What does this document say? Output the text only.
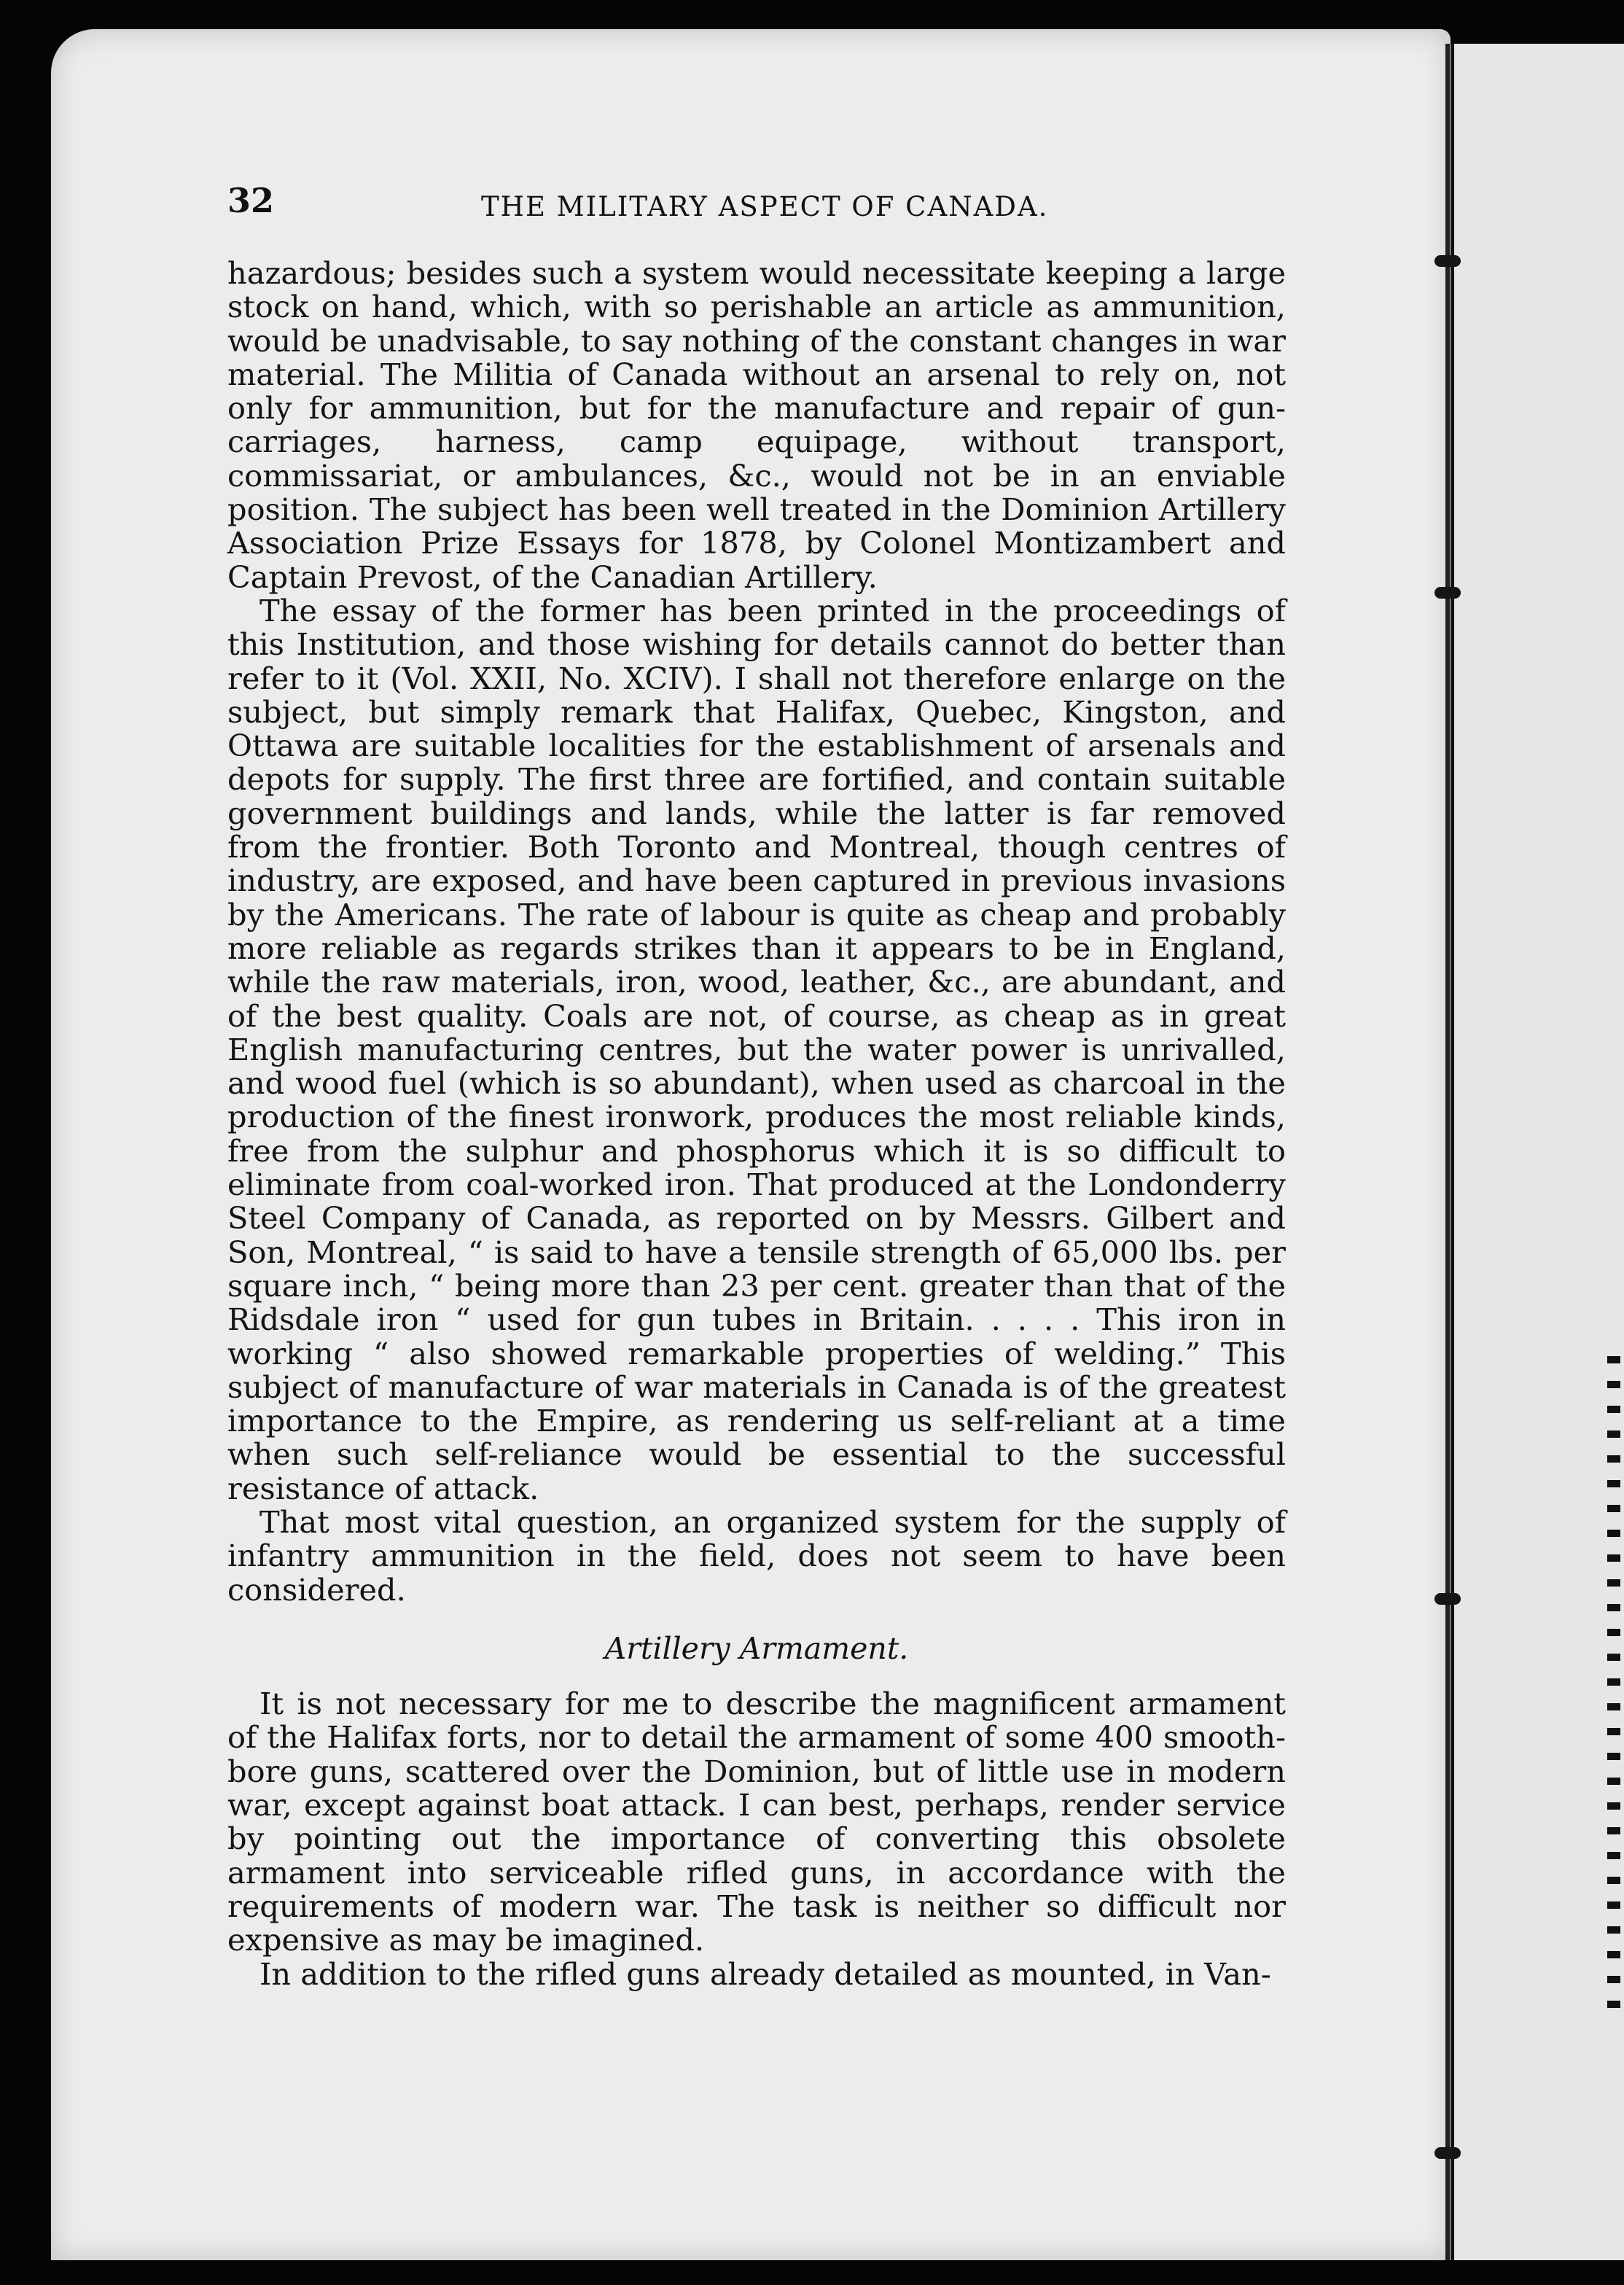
32	THE MILITARY ASPECT OF CANADA.

hazardous; besides such a system would necessitate keeping a large stock on hand, which, with so perishable an article as ammunition, would be unadvisable, to say nothing of the constant changes in war material. The Militia of Canada without an arsenal to rely on, not only for ammunition, but for the manufacture and repair of gun-carriages, harness, camp equipage, without transport, commissariat, or ambulances, &c., would not be in an enviable position. The subject has been well treated in the Dominion Artillery Association Prize Essays for 1878, by Colonel Montizambert and Captain Prevost, of the Canadian Artillery.

The essay of the former has been printed in the proceedings of this Institution, and those wishing for details cannot do better than refer to it (Vol. XXII, No. XCIV). I shall not therefore enlarge on the subject, but simply remark that Halifax, Quebec, Kingston, and Ottawa are suitable localities for the establishment of arsenals and depots for supply. The first three are fortified, and contain suitable government buildings and lands, while the latter is far removed from the frontier. Both Toronto and Montreal, though centres of industry, are exposed, and have been captured in previous invasions by the Americans. The rate of labour is quite as cheap and probably more reliable as regards strikes than it appears to be in England, while the raw materials, iron, wood, leather, &c., are abundant, and of the best quality. Coals are not, of course, as cheap as in great English manufacturing centres, but the water power is unrivalled, and wood fuel (which is so abundant), when used as charcoal in the production of the finest ironwork, produces the most reliable kinds, free from the sulphur and phosphorus which it is so difficult to eliminate from coal-worked iron. That produced at the Londonderry Steel Company of Canada, as reported on by Messrs. Gilbert and Son, Montreal, “ is said to have a tensile strength of 65,000 lbs. per square inch, “ being more than 23 per cent. greater than that of the Ridsdale iron “ used for gun tubes in Britain. . . . . This iron in working “ also showed remarkable properties of welding.” This subject of manufacture of war materials in Canada is of the greatest importance to the Empire, as rendering us self-reliant at a time when such self-reliance would be essential to the successful resistance of attack.

That most vital question, an organized system for the supply of infantry ammunition in the field, does not seem to have been considered.

Artillery Armament.

It is not necessary for me to describe the magnificent armament of the Halifax forts, nor to detail the armament of some 400 smooth-bore guns, scattered over the Dominion, but of little use in modern war, except against boat attack. I can best, perhaps, render service by pointing out the importance of converting this obsolete armament into serviceable rifled guns, in accordance with the requirements of modern war. The task is neither so difficult nor expensive as may be imagined.

In addition to the rifled guns already detailed as mounted, in Van-
